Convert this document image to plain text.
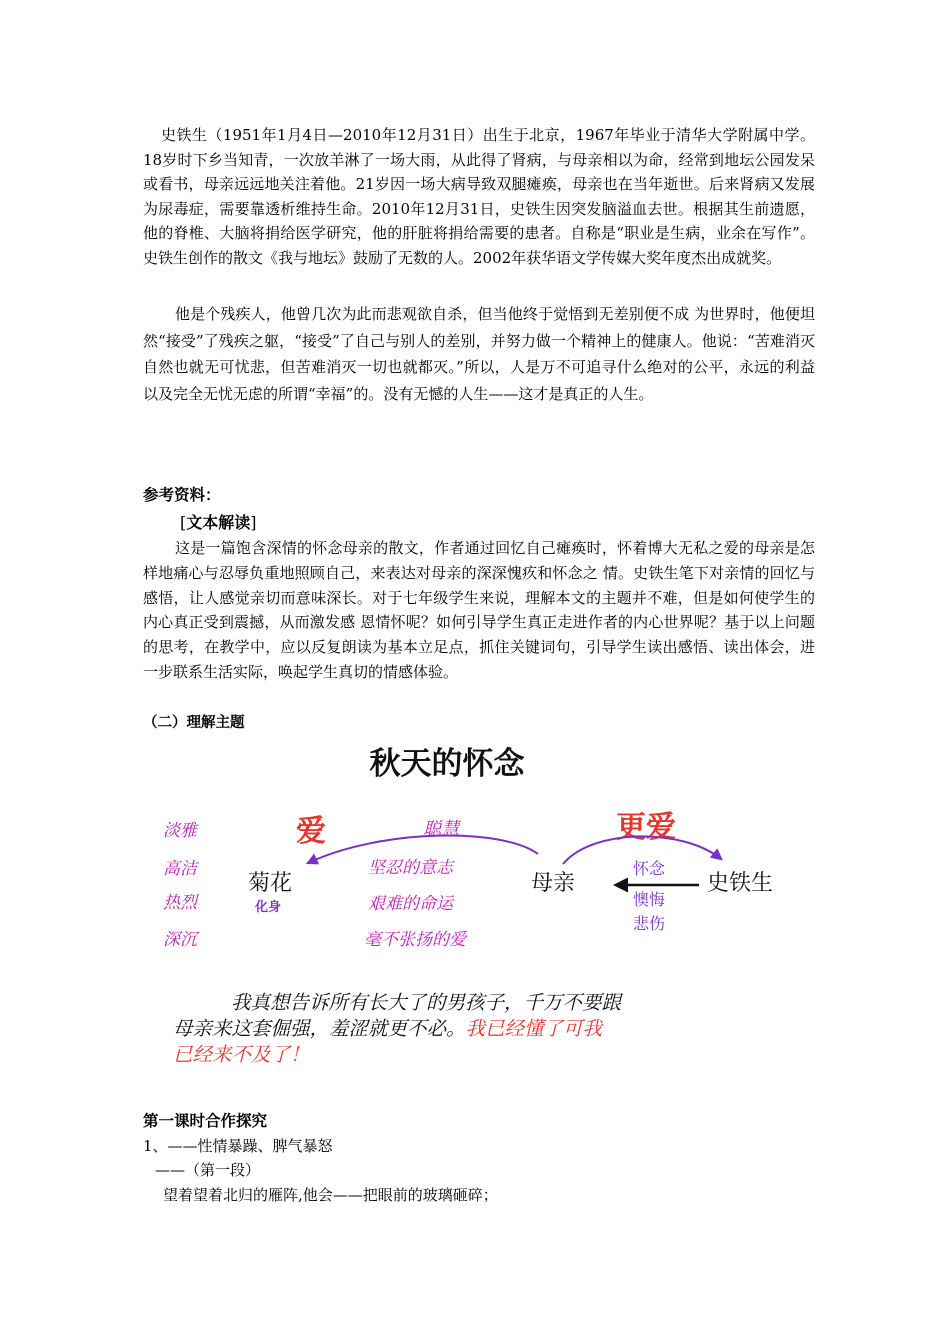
史铁生（1951年1月4日—2010年12月31日）出生于北京，1967年毕业于清华大学附属中学。18岁时下乡当知青，一次放羊淋了一场大雨，从此得了肾病，与母亲相以为命，经常到地坛公园发呆或看书，母亲远远地关注着他。21岁因一场大病导致双腿瘫痪，母亲也在当年逝世。后来肾病又发展为尿毒症，需要靠透析维持生命。2010年12月31日，史铁生因突发脑溢血去世。根据其生前遗愿，他的脊椎、大脑将捐给医学研究，他的肝脏将捐给需要的患者。自称是“职业是生病，业余在写作”。史铁生创作的散文《我与地坛》鼓励了无数的人。2002年获华语文学传媒大奖年度杰出成就奖。

他是个残疾人，他曾几次为此而悲观欲自杀，但当他终于觉悟到无差别便不成 为世界时，他便坦然“接受”了残疾之躯，“接受”了自己与别人的差别，并努力做一个精神上的健康人。他说：“苦难消灭自然也就无可忧悲，但苦难消灭一切也就都灭。”所以，人是万不可追寻什么绝对的公平，永远的利益以及完全无忧无虑的所谓“幸福”的。没有无憾的人生——这才是真正的人生。

参考资料：

[文本解读]

这是一篇饱含深情的怀念母亲的散文，作者通过回忆自己瘫痪时，怀着博大无私之爱的母亲是怎样地痛心与忍辱负重地照顾自己，来表达对母亲的深深愧疚和怀念之 情。史铁生笔下对亲情的回忆与感悟，让人感觉亲切而意味深长。对于七年级学生来说，理解本文的主题并不难，但是如何使学生的内心真正受到震撼，从而激发感 恩情怀呢？如何引导学生真正走进作者的内心世界呢？基于以上问题的思考，在教学中，应以反复朗读为基本立足点，抓住关键词句，引导学生读出感悟、读出体会，进一步联系生活实际，唤起学生真切的情感体验。

（二）理解主题

秋天的怀念
爱	更爱
聪慧
淡雅
高洁
热烈
深沉
菊花
化身
坚忍的意志
艰难的命运
毫不张扬的爱
母亲	史铁生
怀念
懊悔
悲伤
我真想告诉所有长大了的男孩子，千万不要跟
母亲来这套倔强，羞涩就更不必。我已经懂了可我
已经来不及了！

第一课时合作探究

1、——性情暴躁、脾气暴怒

——（第一段）

望着望着北归的雁阵,他会——把眼前的玻璃砸碎；
